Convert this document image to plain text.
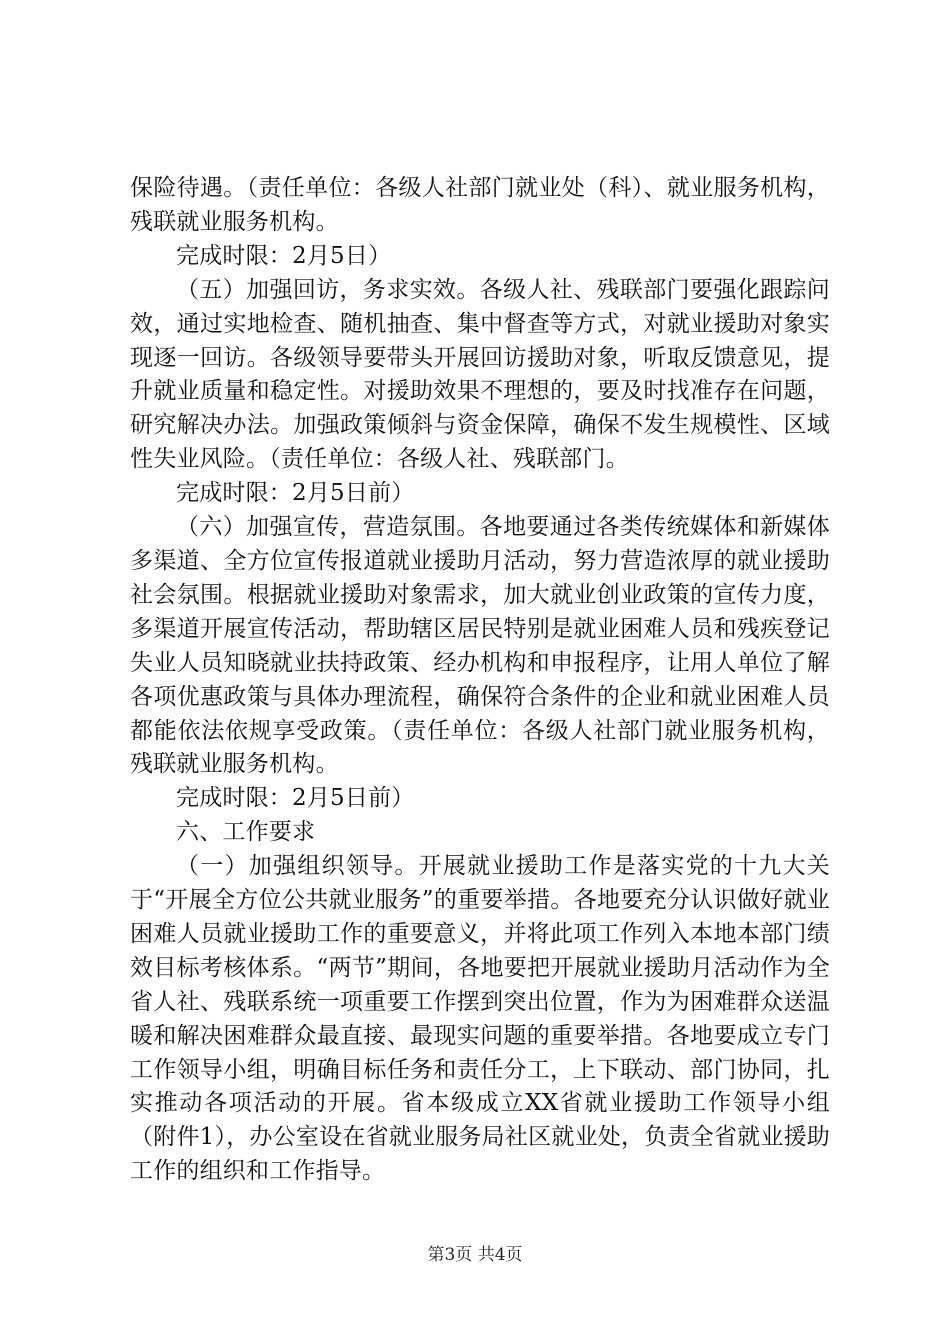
保险待遇。（责任单位：各级人社部门就业处（科）、就业服务机构，残联就业服务机构。

完成时限：2月5日）

（五）加强回访，务求实效。各级人社、残联部门要强化跟踪问效，通过实地检查、随机抽查、集中督查等方式，对就业援助对象实现逐一回访。各级领导要带头开展回访援助对象，听取反馈意见，提升就业质量和稳定性。对援助效果不理想的，要及时找准存在问题，研究解决办法。加强政策倾斜与资金保障，确保不发生规模性、区域性失业风险。（责任单位：各级人社、残联部门。

完成时限：2月5日前）

（六）加强宣传，营造氛围。各地要通过各类传统媒体和新媒体多渠道、全方位宣传报道就业援助月活动，努力营造浓厚的就业援助社会氛围。根据就业援助对象需求，加大就业创业政策的宣传力度，多渠道开展宣传活动，帮助辖区居民特别是就业困难人员和残疾登记失业人员知晓就业扶持政策、经办机构和申报程序，让用人单位了解各项优惠政策与具体办理流程，确保符合条件的企业和就业困难人员都能依法依规享受政策。（责任单位：各级人社部门就业服务机构，残联就业服务机构。

完成时限：2月5日前）

六、工作要求

（一）加强组织领导。开展就业援助工作是落实党的十九大关于“开展全方位公共就业服务”的重要举措。各地要充分认识做好就业困难人员就业援助工作的重要意义，并将此项工作列入本地本部门绩效目标考核体系。“两节”期间，各地要把开展就业援助月活动作为全省人社、残联系统一项重要工作摆到突出位置，作为为困难群众送温暖和解决困难群众最直接、最现实问题的重要举措。各地要成立专门工作领导小组，明确目标任务和责任分工，上下联动、部门协同，扎实推动各项活动的开展。省本级成立XX省就业援助工作领导小组（附件1），办公室设在省就业服务局社区就业处，负责全省就业援助工作的组织和工作指导。

第3页 共4页
